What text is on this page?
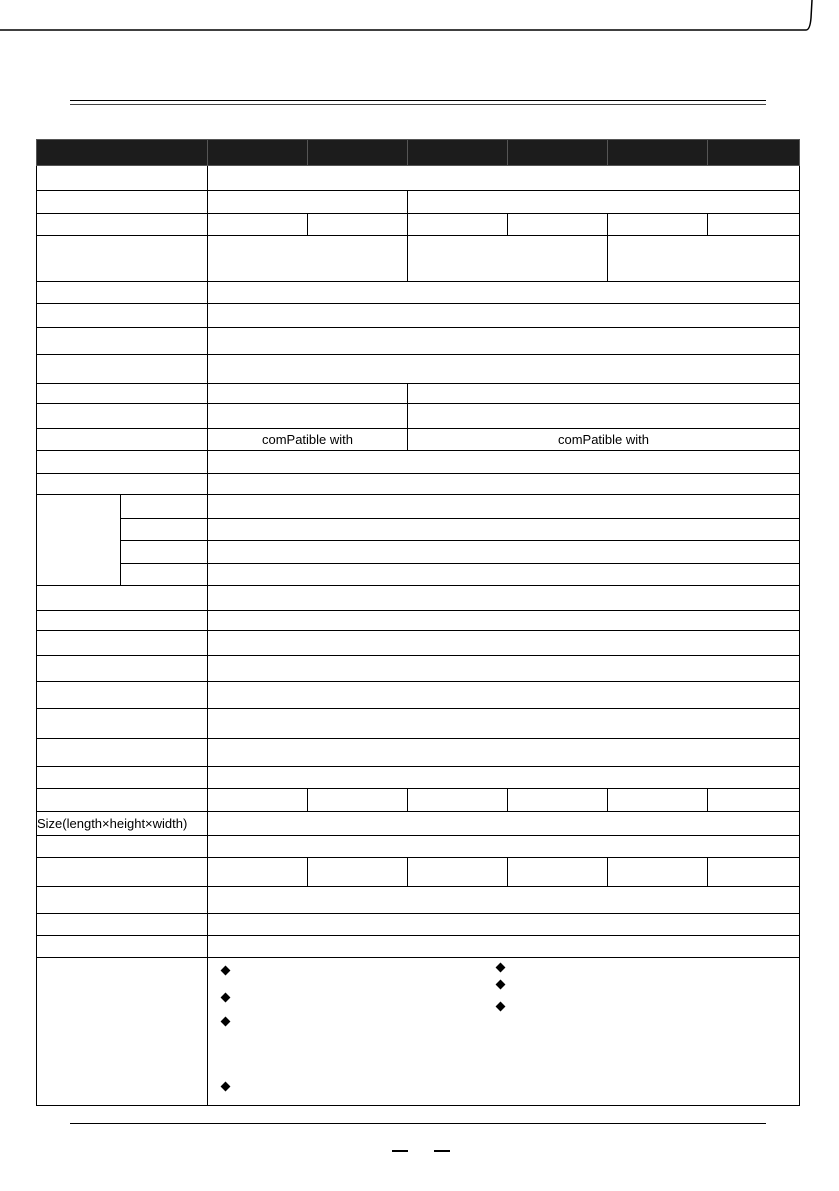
		comPatible with		comPatible with			

Size(length×height×width)							
